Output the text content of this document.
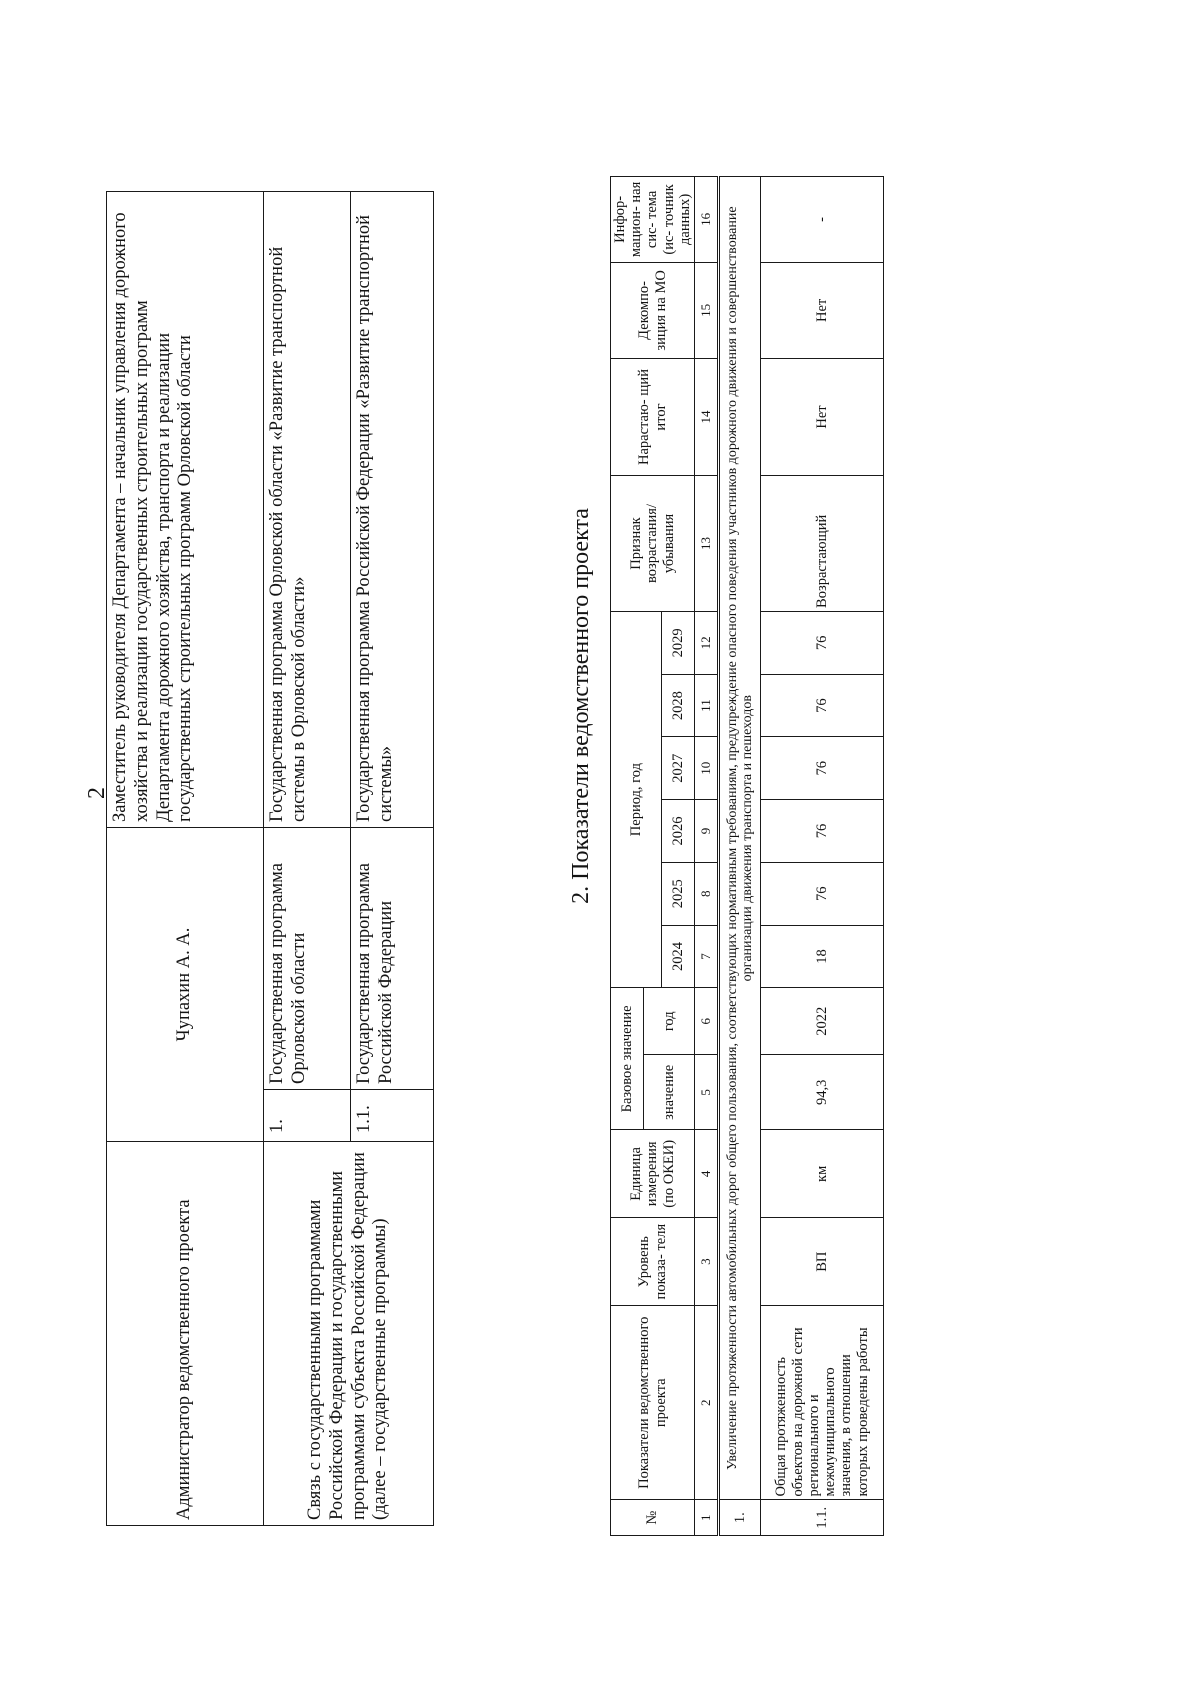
2
Администратор ведомственного проекта	Чупахин А. А.		Заместитель руководителя Департамента – начальник управления дорожного хозяйства и реализации государственных строительных программ Департамента дорожного хозяйства, транспорта и реализации государственных строительных программ Орловской области
Связь с государственными программами Российской Федерации и государственными программами субъекта Российской Федерации (далее – государственные программы)	1.	Государственная программа Орловской области	Государственная программа Орловской области «Развитие транспортной системы в Орловской области»
	1.1.	Государственная программа Российской Федерации	Государственная программа Российской Федерации «Развитие транспортной системы»	2. Показатели ведомственного проекта
№	Показатели ведомственного проекта	Уровень показа- теля	Единица измерения (по ОКЕИ)	Базовое значение		Период, год						Признак возрастания/ убывания	Нарастаю- щий итог	Декомпо- зиция на МО	Инфор- мацион- ная сис- тема (ис- точник данных)
				значение	год										
						2024	2025	2026	2027	2028	2029				
1	2	3	4	5	6	7	8	9	10	11	12	13	14	15	16
1.	Увеличение протяженности автомобильных дорог общего пользования, соответствующих нормативным требованиям, предупреждение опасного поведения участников дорожного движения и совершенствование организации движения транспорта и пешеходов														
1.1.	Общая протяженность объектов на дорожной сети регионального и межмуниципального значения, в отношении которых проведены работы	ВП	км	94,3	2022	18	76	76	76	76	76	Возрастающий	Нет	Нет	-
